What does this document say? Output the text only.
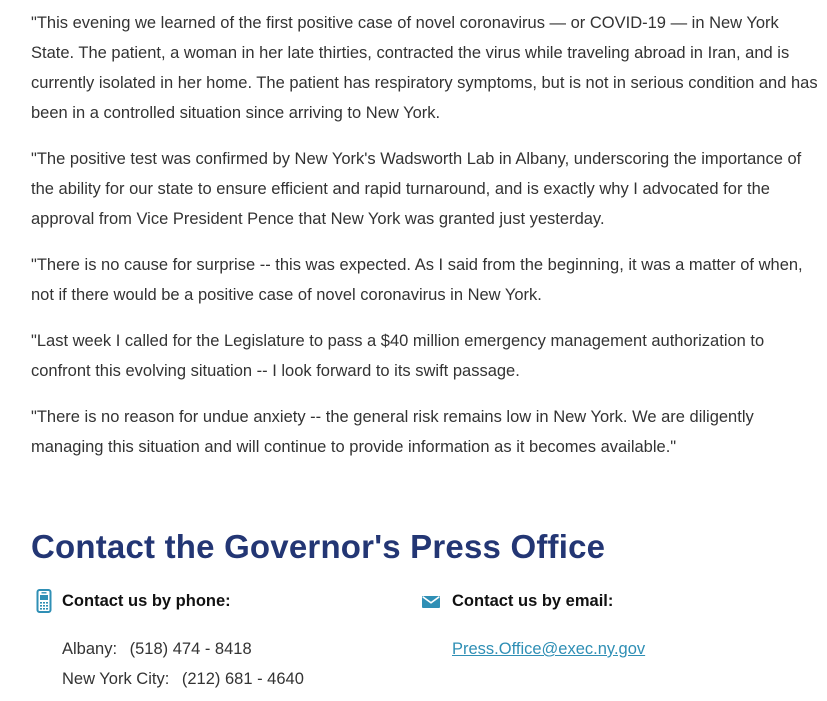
"This evening we learned of the first positive case of novel coronavirus — or COVID-19 — in New York State. The patient, a woman in her late thirties, contracted the virus while traveling abroad in Iran, and is currently isolated in her home. The patient has respiratory symptoms, but is not in serious condition and has been in a controlled situation since arriving to New York.

"The positive test was confirmed by New York's Wadsworth Lab in Albany, underscoring the importance of the ability for our state to ensure efficient and rapid turnaround, and is exactly why I advocated for the approval from Vice President Pence that New York was granted just yesterday.

"There is no cause for surprise -- this was expected. As I said from the beginning, it was a matter of when, not if there would be a positive case of novel coronavirus in New York.

"Last week I called for the Legislature to pass a $40 million emergency management authorization to confront this evolving situation -- I look forward to its swift passage.

"There is no reason for undue anxiety -- the general risk remains low in New York. We are diligently managing this situation and will continue to provide information as it becomes available."

Contact the Governor's Press Office
Contact us by phone:
Albany: (518) 474 - 8418
New York City: (212) 681 - 4640
Contact us by email:
Press.Office@exec.ny.gov
